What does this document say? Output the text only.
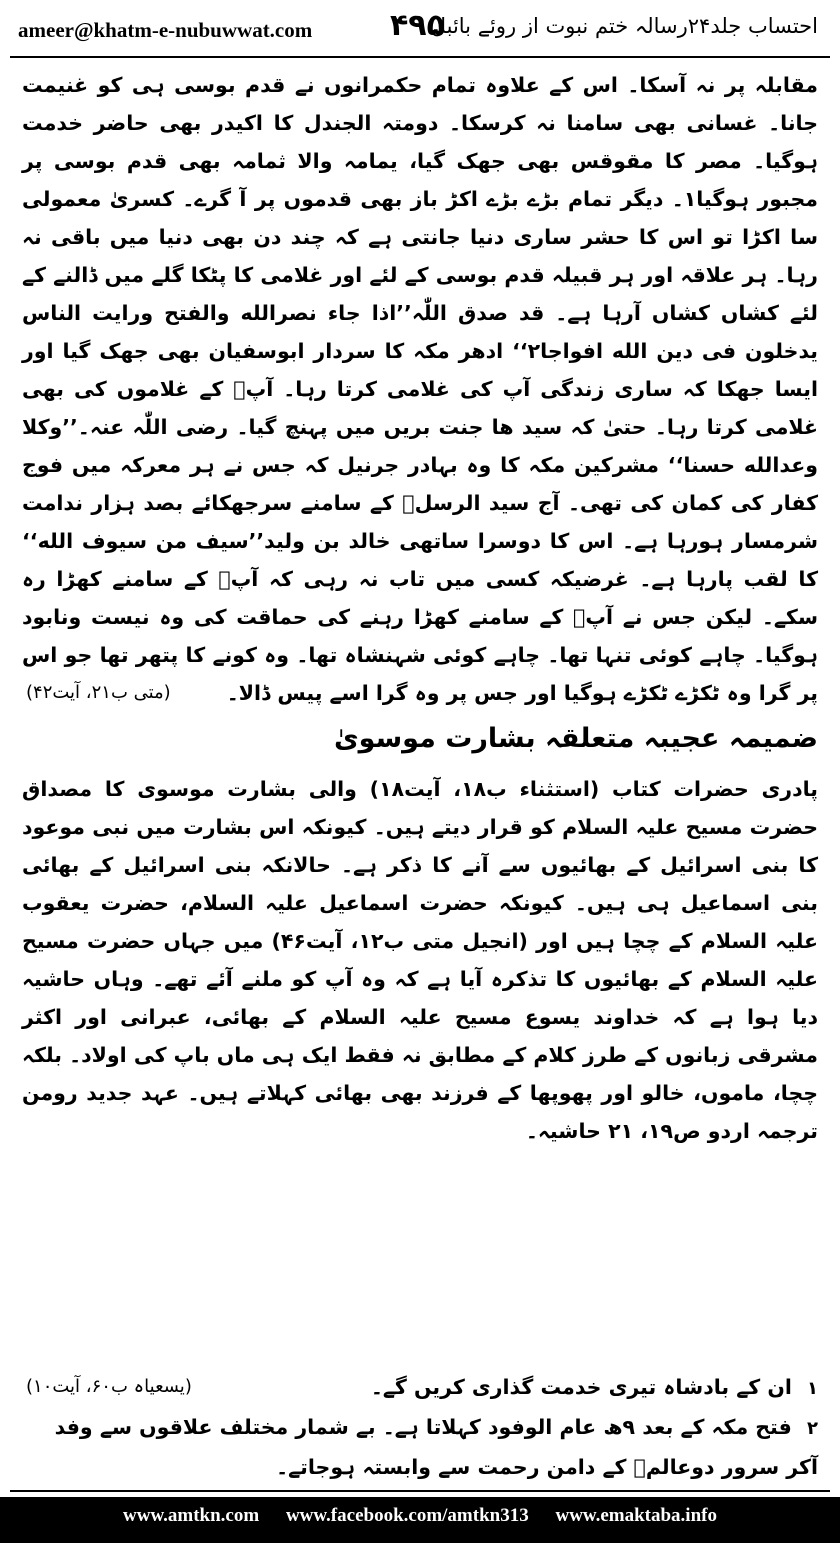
ameer@khatm-e-nubuwwat.com	۴۹۵
احتساب جلد۲۴رسالہ ختم نبوت از روئے بائبل

مقابلہ پر نہ آسکا۔ اس کے علاوہ تمام حکمرانوں نے قدم بوسی ہی کو غنیمت جانا۔ غسانی بھی سامنا نہ کرسکا۔ دومتہ الجندل کا اکیدر بھی حاضر خدمت ہوگیا۔ مصر کا مقوقس بھی جھک گیا، یمامہ والا ثمامہ بھی قدم بوسی پر مجبور ہوگیا۱۔ دیگر تمام بڑے بڑے اکڑ باز بھی قدموں پر آ گرے۔ کسریٰ معمولی سا اکڑا تو اس کا حشر ساری دنیا جانتی ہے کہ چند دن بھی دنیا میں باقی نہ رہا۔ ہر علاقہ اور ہر قبیلہ قدم بوسی کے لئے اور غلامی کا پٹکا گلے میں ڈالنے کے لئے کشاں کشاں آرہا ہے۔ قد صدق اللّٰہ’’اذا جاء نصرالله والفتح ورایت الناس یدخلون فی دین الله افواجا۲‘‘ ادھر مکہ کا سردار ابوسفیان بھی جھک گیا اور ایسا جھکا کہ ساری زندگی آپ کی غلامی کرتا رہا۔ آپؐ کے غلاموں کی بھی غلامی کرتا رہا۔ حتیٰ کہ سید ھا جنت بریں میں پہنچ گیا۔ رضی اللّٰہ عنہ۔’’وکلا وعدالله حسنا‘‘ مشرکین مکہ کا وہ بہادر جرنیل کہ جس نے ہر معرکہ میں فوج کفار کی کمان کی تھی۔ آج سید الرسلؐ کے سامنے سرجھکائے بصد ہزار ندامت شرمسار ہورہا ہے۔ اس کا دوسرا ساتھی خالد بن ولید’’سیف من سیوف الله‘‘ کا لقب پارہا ہے۔ غرضیکہ کسی میں تاب نہ رہی کہ آپؐ کے سامنے کھڑا رہ سکے۔ لیکن جس نے آپؐ کے سامنے کھڑا رہنے کی حماقت کی وہ نیست ونابود ہوگیا۔ چاہے کوئی تنہا تھا۔ چاہے کوئی شہنشاہ تھا۔ وہ کونے کا پتھر تھا جو اس پر گرا وہ ٹکڑے ٹکڑے ہوگیا اور جس پر وہ گرا اسے پیس ڈالا۔
(متی ب۲۱، آیت۴۲)

ضمیمہ عجیبہ متعلقہ بشارت موسویٰ

پادری حضرات کتاب (استثناء ب۱۸، آیت۱۸) والی بشارت موسوی کا مصداق حضرت مسیح علیہ السلام کو قرار دیتے ہیں۔ کیونکہ اس بشارت میں نبی موعود کا بنی اسرائیل کے بھائیوں سے آنے کا ذکر ہے۔ حالانکہ بنی اسرائیل کے بھائی بنی اسماعیل ہی ہیں۔ کیونکہ حضرت اسماعیل علیہ السلام، حضرت یعقوب علیہ السلام کے چچا ہیں اور (انجیل متی ب۱۲، آیت۴۶) میں جہاں حضرت مسیح علیہ السلام کے بھائیوں کا تذکرہ آیا ہے کہ وہ آپ کو ملنے آئے تھے۔ وہاں حاشیہ دیا ہوا ہے کہ خداوند یسوع مسیح علیہ السلام کے بھائی، عبرانی اور اکثر مشرقی زبانوں کے طرز کلام کے مطابق نہ فقط ایک ہی ماں باپ کی اولاد۔ بلکہ چچا، ماموں، خالو اور پھوپھا کے فرزند بھی بھائی کہلاتے ہیں۔ عہد جدید رومن ترجمہ اردو ص۱۹، ۲۱ حاشیہ۔

۱ ان کے بادشاہ تیری خدمت گذاری کریں گے۔
(یسعیاہ ب۶۰، آیت۱۰)

۲ فتح مکہ کے بعد ۹ھ عام الوفود کہلاتا ہے۔ بے شمار مختلف علاقوں سے وفد آکر سرور دوعالمؐ کے دامن رحمت سے وابستہ ہوجاتے۔

www.amtkn.com www.facebook.com/amtkn313 www.emaktaba.info
